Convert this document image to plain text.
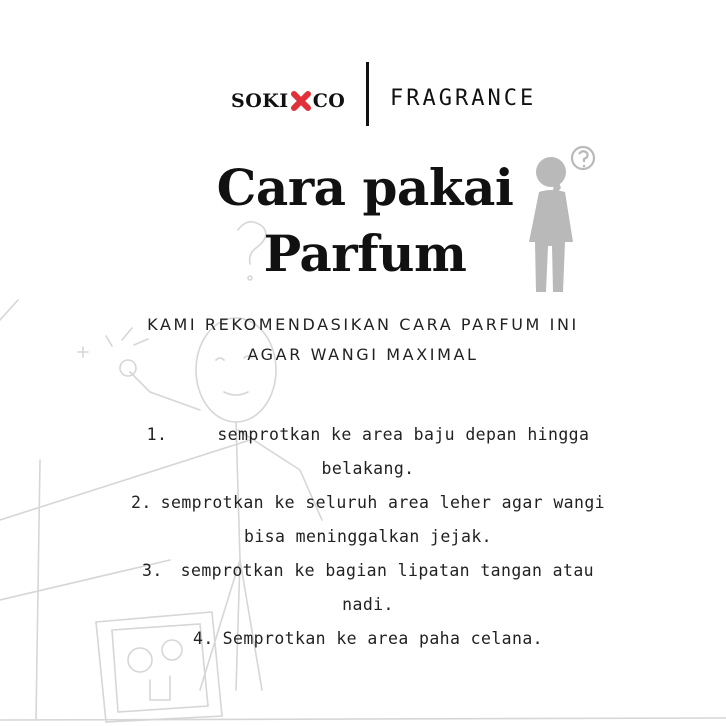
SOKI CO FRAGRANCE
Cara pakai
Parfum

KAMI REKOMENDASIKAN CARA PARFUM INI
AGAR WANGI MAXIMAL

1.	semprotkan ke area baju depan hingga
belakang.

2. semprotkan ke seluruh area leher agar wangi
bisa meninggalkan jejak.

3. semprotkan ke bagian lipatan tangan atau
nadi.

4. Semprotkan ke area paha celana.
